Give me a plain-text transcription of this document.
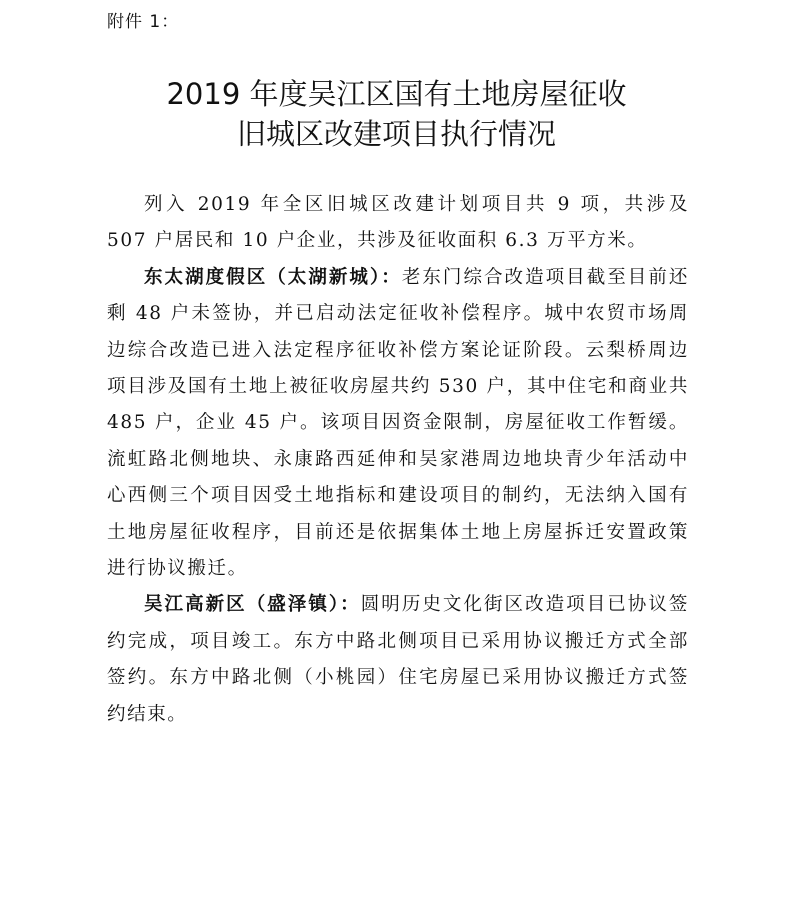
附件 1：
2019 年度吴江区国有土地房屋征收
旧城区改建项目执行情况

列入 2019 年全区旧城区改建计划项目共 9 项，共涉及 507 户居民和 10 户企业，共涉及征收面积 6.3 万平方米。

东太湖度假区（太湖新城）：老东门综合改造项目截至目前还剩 48 户未签协，并已启动法定征收补偿程序。城中农贸市场周边综合改造已进入法定程序征收补偿方案论证阶段。云梨桥周边项目涉及国有土地上被征收房屋共约 530 户，其中住宅和商业共 485 户，企业 45 户。该项目因资金限制，房屋征收工作暂缓。流虹路北侧地块、永康路西延伸和吴家港周边地块青少年活动中心西侧三个项目因受土地指标和建设项目的制约，无法纳入国有土地房屋征收程序，目前还是依据集体土地上房屋拆迁安置政策进行协议搬迁。

吴江高新区（盛泽镇）：圆明历史文化街区改造项目已协议签约完成，项目竣工。东方中路北侧项目已采用协议搬迁方式全部签约。东方中路北侧（小桃园）住宅房屋已采用协议搬迁方式签约结束。
